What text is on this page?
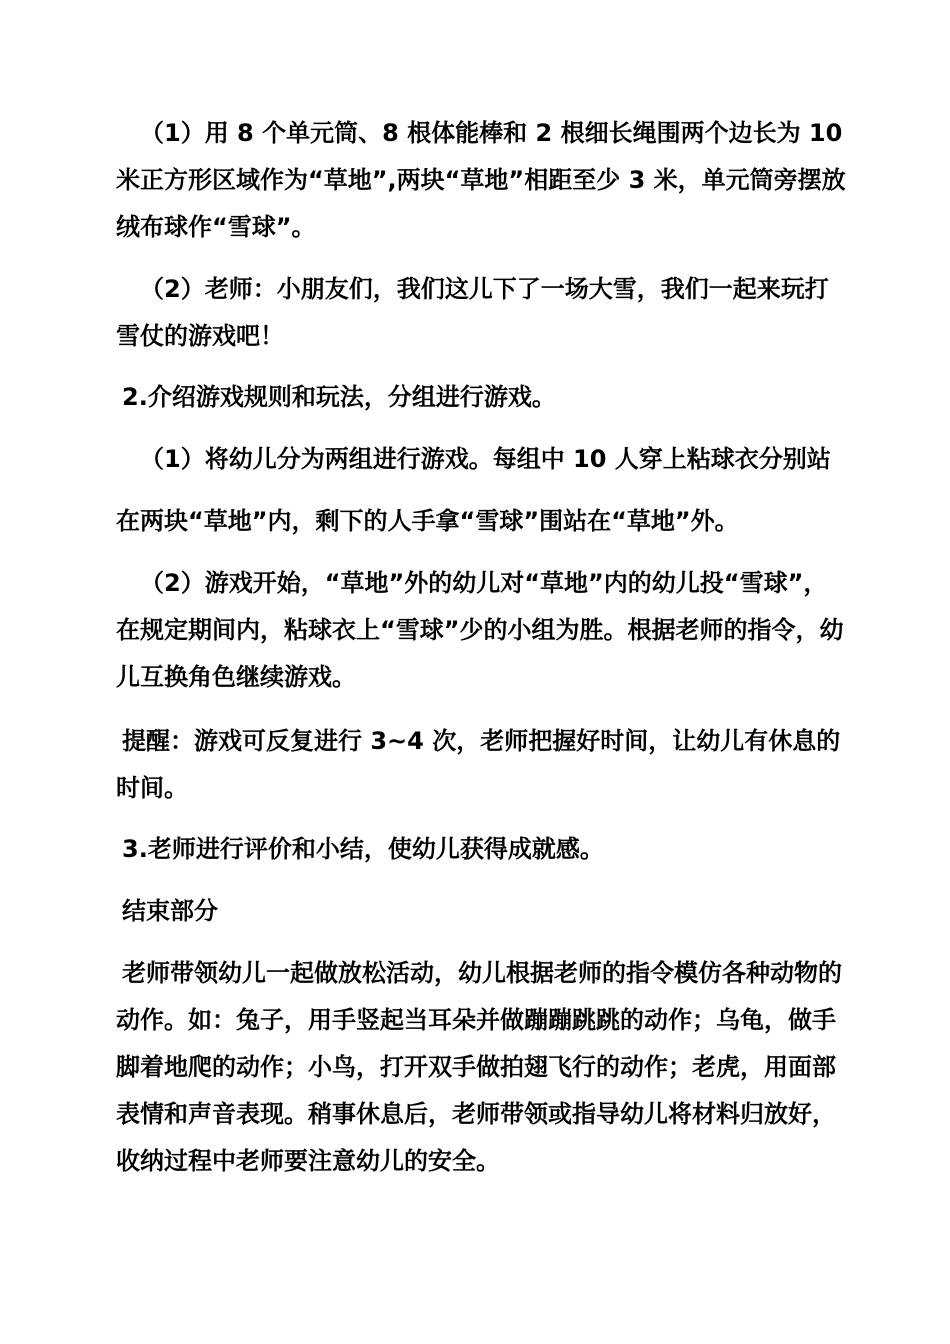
（1）用 8 个单元筒、8 根体能棒和 2 根细长绳围两个边长为 10 米正方形区域作为“草地”,两块“草地”相距至少 3 米，单元筒旁摆放绒布球作“雪球”。

（2）老师：小朋友们，我们这儿下了一场大雪，我们一起来玩打雪仗的游戏吧！

2.介绍游戏规则和玩法，分组进行游戏。

（1）将幼儿分为两组进行游戏。每组中 10 人穿上粘球衣分别站

在两块“草地”内，剩下的人手拿“雪球”围站在“草地”外。

（2）游戏开始，“草地”外的幼儿对“草地”内的幼儿投“雪球”，在规定期间内，粘球衣上“雪球”少的小组为胜。根据老师的指令，幼儿互换角色继续游戏。

提醒：游戏可反复进行 3~4 次，老师把握好时间，让幼儿有休息的时间。

3.老师进行评价和小结，使幼儿获得成就感。

结束部分

老师带领幼儿一起做放松活动，幼儿根据老师的指令模仿各种动物的动作。如：兔子，用手竖起当耳朵并做蹦蹦跳跳的动作；乌龟，做手脚着地爬的动作；小鸟，打开双手做拍翅飞行的动作；老虎，用面部表情和声音表现。稍事休息后，老师带领或指导幼儿将材料归放好，收纳过程中老师要注意幼儿的安全。
